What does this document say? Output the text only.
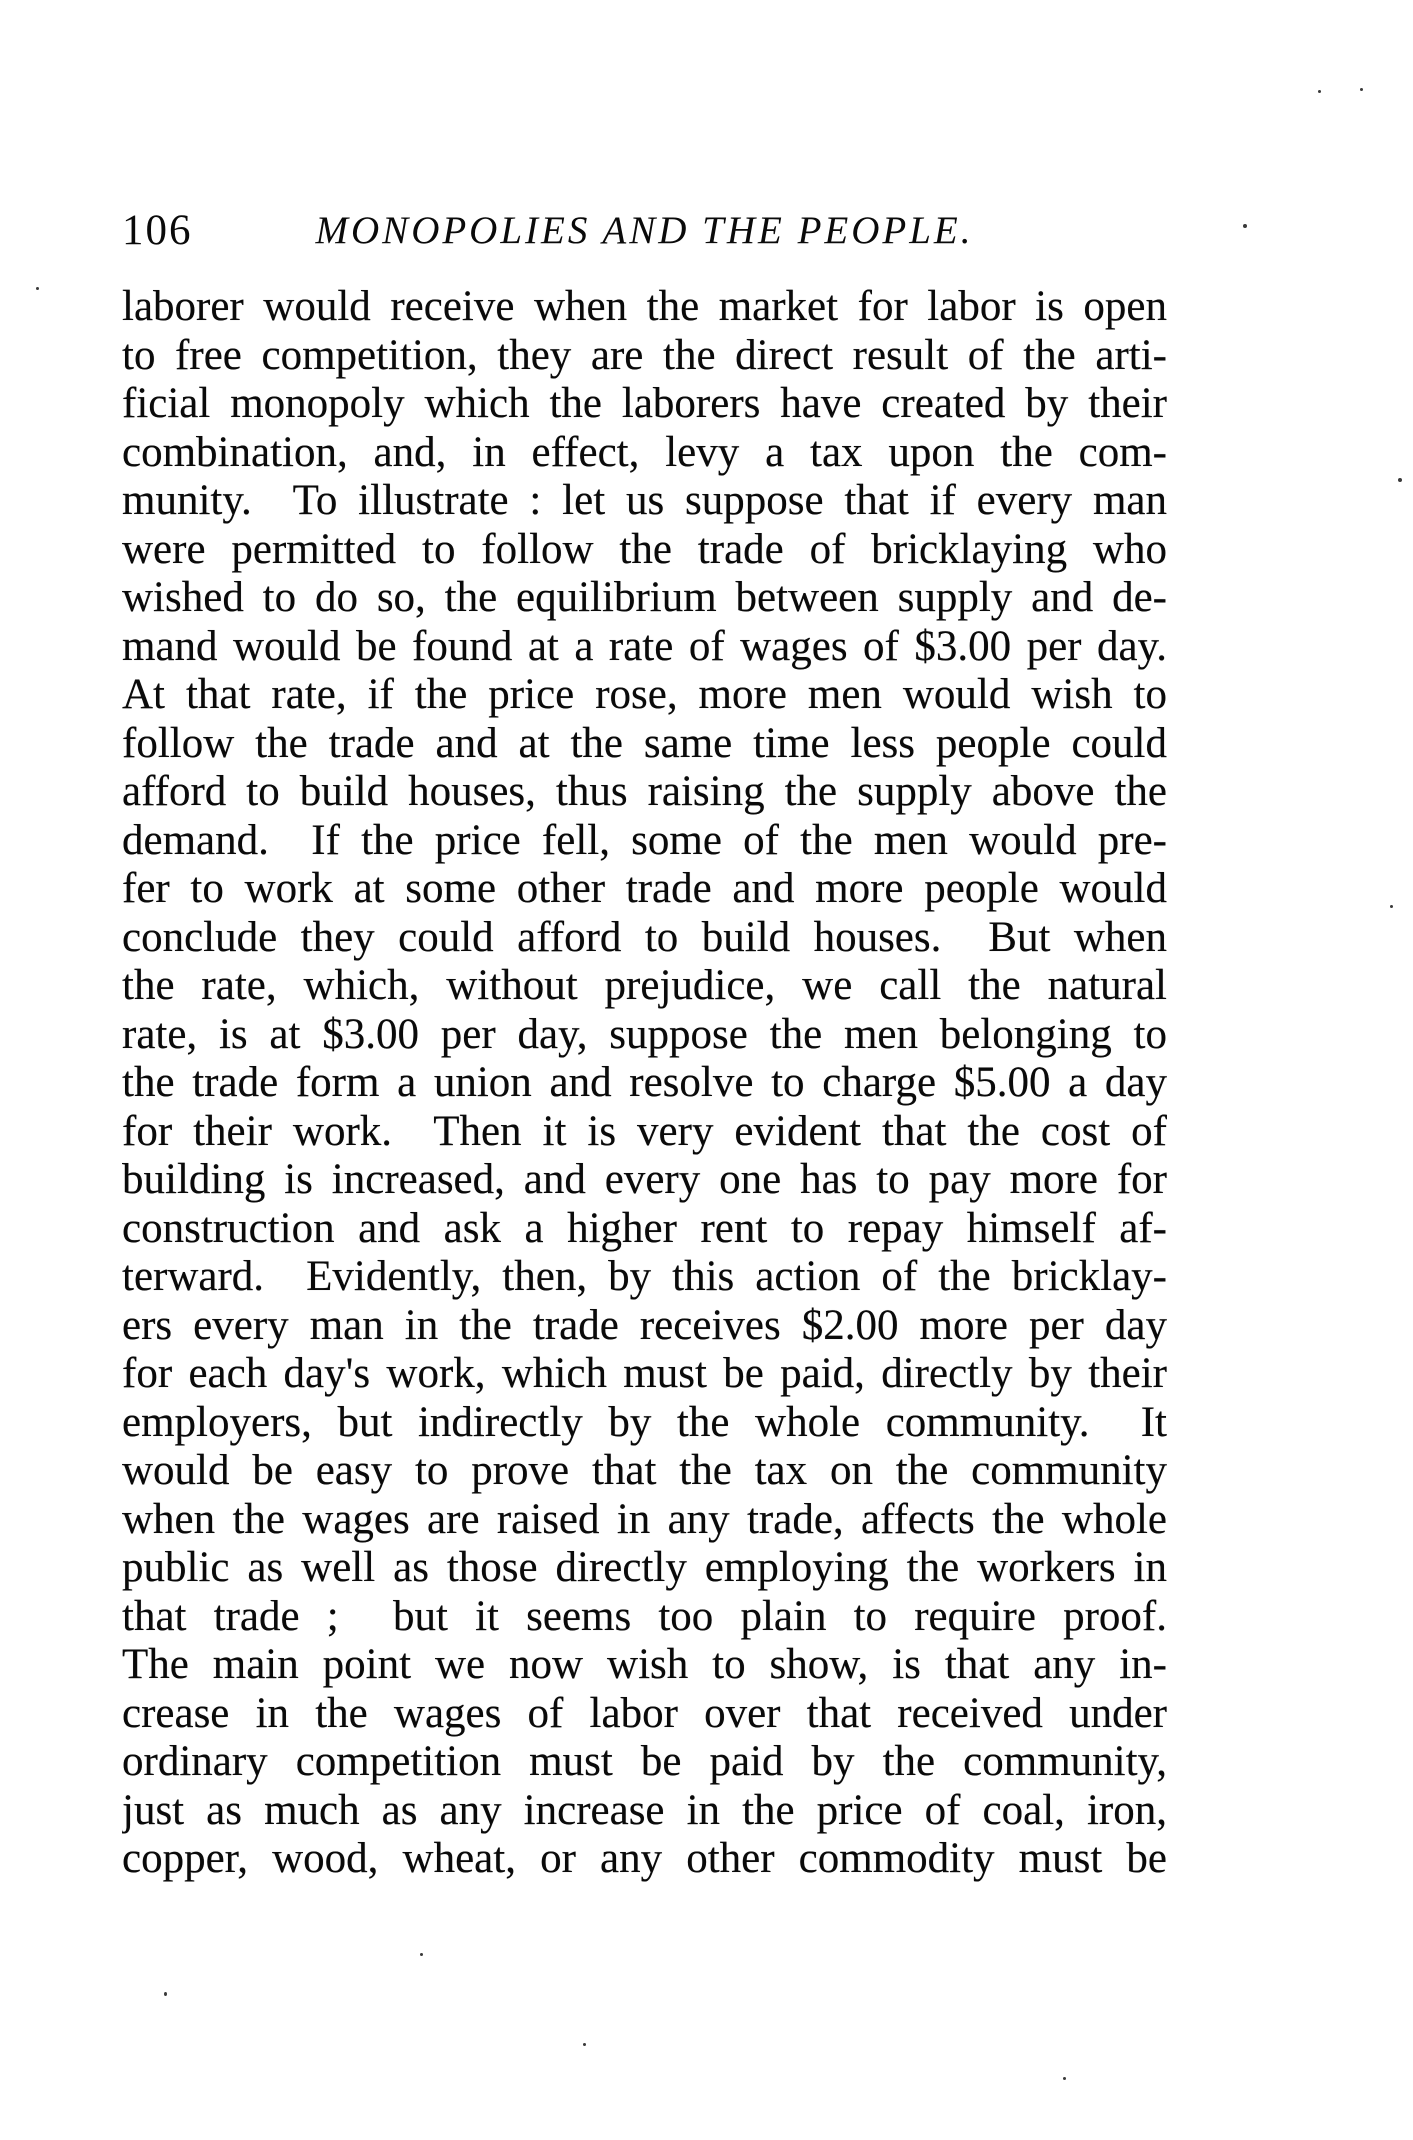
106	MONOPOLIES AND THE PEOPLE.
laborer would receive when the market for labor is open
to free competition, they are the direct result of the arti-
ficial monopoly which the laborers have created by their
combination, and, in effect, levy a tax upon the com-
munity.  To illustrate : let us suppose that if every man
were permitted to follow the trade of bricklaying who
wished to do so, the equilibrium between supply and de-
mand would be found at a rate of wages of $3.00 per day.
At that rate, if the price rose, more men would wish to
follow the trade and at the same time less people could
afford to build houses, thus raising the supply above the
demand.  If the price fell, some of the men would pre-
fer to work at some other trade and more people would
conclude they could afford to build houses.  But when
the rate, which, without prejudice, we call the natural
rate, is at $3.00 per day, suppose the men belonging to
the trade form a union and resolve to charge $5.00 a day
for their work.  Then it is very evident that the cost of
building is increased, and every one has to pay more for
construction and ask a higher rent to repay himself af-
terward.  Evidently, then, by this action of the bricklay-
ers every man in the trade receives $2.00 more per day
for each day's work, which must be paid, directly by their
employers, but indirectly by the whole community.  It
would be easy to prove that the tax on the community
when the wages are raised in any trade, affects the whole
public as well as those directly employing the workers in
that trade ;  but it seems too plain to require proof.
The main point we now wish to show, is that any in-
crease in the wages of labor over that received under
ordinary competition must be paid by the community,
just as much as any increase in the price of coal, iron,
copper, wood, wheat, or any other commodity must be
